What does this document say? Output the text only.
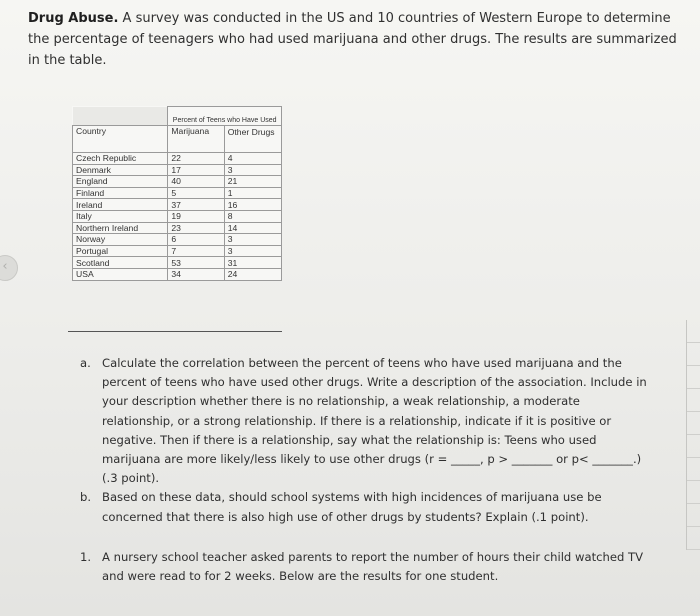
‹
Drug Abuse. A survey was conducted in the US and 10 countries of Western Europe to determine the percentage of teenagers who had used marijuana and other drugs. The results are summarized in the table.
	Percent of Teens who Have Used	
Country	Marijuana	Other Drugs
Czech Republic	22	4
Denmark	17	3
England	40	21
Finland	5	1
Ireland	37	16
Italy	19	8
Northern Ireland	23	14
Norway	6	3
Portugal	7	3
Scotland	53	31
USA	34	24
a. Calculate the correlation between the percent of teens who have used marijuana and the percent of teens who have used other drugs. Write a description of the association. Include in your description whether there is no relationship, a weak relationship, a moderate relationship, or a strong relationship. If there is a relationship, indicate if it is positive or negative. Then if there is a relationship, say what the relationship is: Teens who used marijuana are more likely/less likely to use other drugs (r = _____, p > _______ or p< _______.)(.3 point).
b. Based on these data, should school systems with high incidences of marijuana use be concerned that there is also high use of other drugs by students? Explain (.1 point).
1. A nursery school teacher asked parents to report the number of hours their child watched TV and were read to for 2 weeks. Below are the results for one student.
